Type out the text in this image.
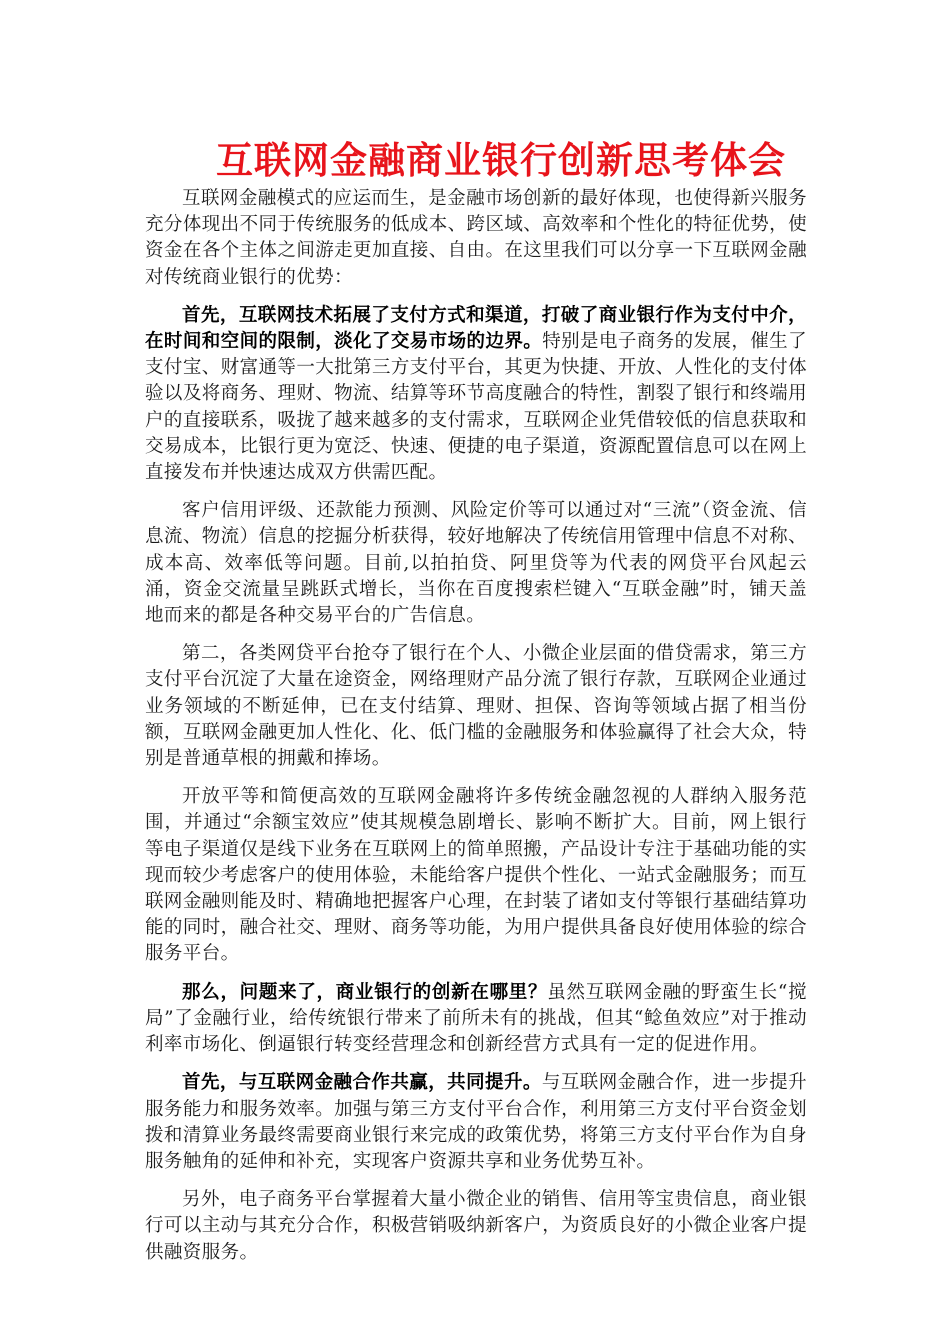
互联网金融商业银行创新思考体会

互联网金融模式的应运而生，是金融市场创新的最好体现，也使得新兴服务充分体现出不同于传统服务的低成本、跨区域、高效率和个性化的特征优势，使资金在各个主体之间游走更加直接、自由。在这里我们可以分享一下互联网金融对传统商业银行的优势：

首先，互联网技术拓展了支付方式和渠道，打破了商业银行作为支付中介，在时间和空间的限制，淡化了交易市场的边界。特别是电子商务的发展，催生了支付宝、财富通等一大批第三方支付平台，其更为快捷、开放、人性化的支付体验以及将商务、理财、物流、结算等环节高度融合的特性，割裂了银行和终端用户的直接联系，吸拢了越来越多的支付需求，互联网企业凭借较低的信息获取和交易成本，比银行更为宽泛、快速、便捷的电子渠道，资源配置信息可以在网上直接发布并快速达成双方供需匹配。

客户信用评级、还款能力预测、风险定价等可以通过对“三流”（资金流、信息流、物流）信息的挖掘分析获得，较好地解决了传统信用管理中信息不对称、成本高、效率低等问题。目前,以拍拍贷、阿里贷等为代表的网贷平台风起云涌，资金交流量呈跳跃式增长，当你在百度搜索栏键入“互联金融”时，铺天盖地而来的都是各种交易平台的广告信息。

第二，各类网贷平台抢夺了银行在个人、小微企业层面的借贷需求，第三方支付平台沉淀了大量在途资金，网络理财产品分流了银行存款，互联网企业通过业务领域的不断延伸，已在支付结算、理财、担保、咨询等领域占据了相当份额，互联网金融更加人性化、化、低门槛的金融服务和体验赢得了社会大众，特别是普通草根的拥戴和捧场。

开放平等和简便高效的互联网金融将许多传统金融忽视的人群纳入服务范围，并通过“余额宝效应”使其规模急剧增长、影响不断扩大。目前，网上银行等电子渠道仅是线下业务在互联网上的简单照搬，产品设计专注于基础功能的实现而较少考虑客户的使用体验，未能给客户提供个性化、一站式金融服务；而互联网金融则能及时、精确地把握客户心理，在封装了诸如支付等银行基础结算功能的同时，融合社交、理财、商务等功能，为用户提供具备良好使用体验的综合服务平台。

那么，问题来了，商业银行的创新在哪里？虽然互联网金融的野蛮生长“搅局”了金融行业，给传统银行带来了前所未有的挑战，但其“鲶鱼效应”对于推动利率市场化、倒逼银行转变经营理念和创新经营方式具有一定的促进作用。

首先，与互联网金融合作共赢，共同提升。与互联网金融合作，进一步提升服务能力和服务效率。加强与第三方支付平台合作，利用第三方支付平台资金划拨和清算业务最终需要商业银行来完成的政策优势，将第三方支付平台作为自身服务触角的延伸和补充，实现客户资源共享和业务优势互补。

另外，电子商务平台掌握着大量小微企业的销售、信用等宝贵信息，商业银行可以主动与其充分合作，积极营销吸纳新客户，为资质良好的小微企业客户提供融资服务。
